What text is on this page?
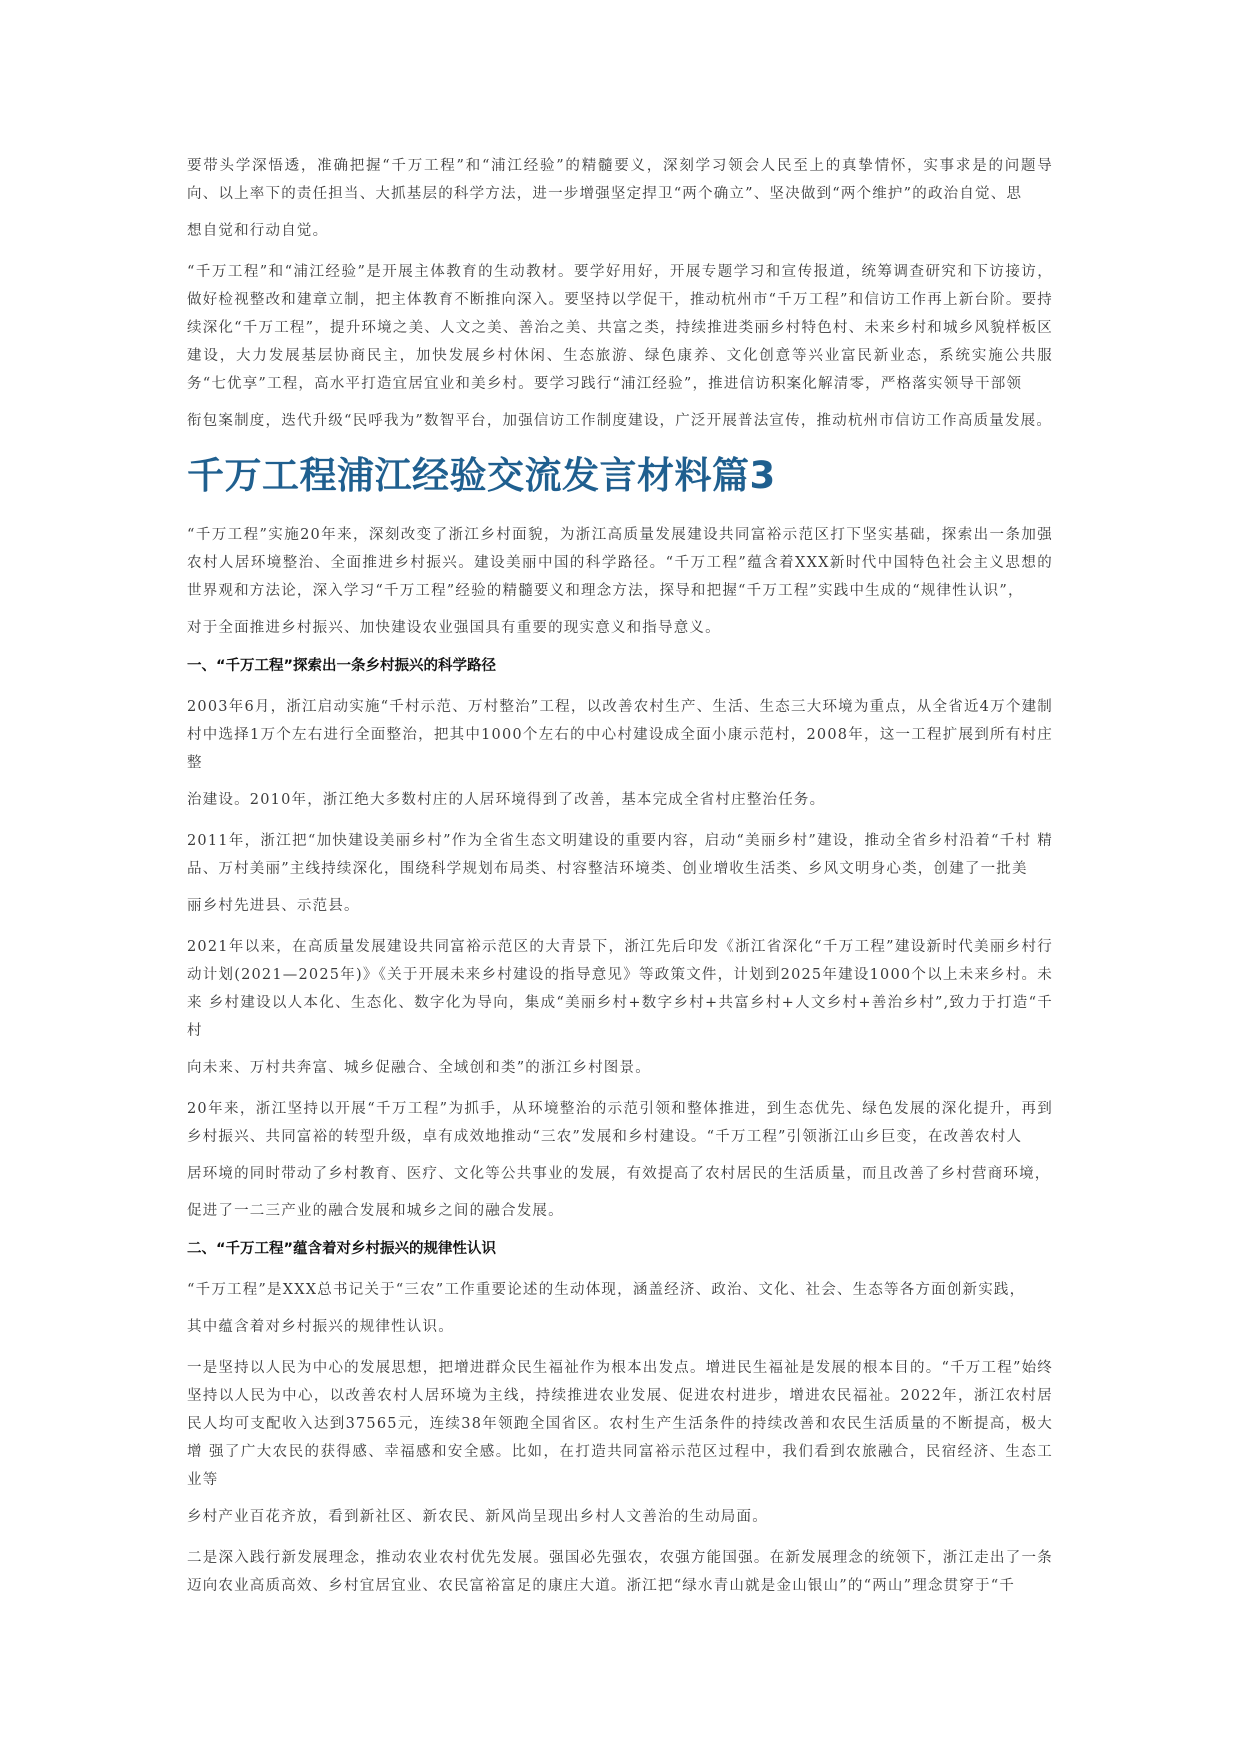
要带头学深悟透，准确把握“千万工程”和“浦江经验”的精髓要义，深刻学习领会人民至上的真挚情怀，实事求是的问题导向、以上率下的责任担当、大抓基层的科学方法，进一步增强坚定捍卫“两个确立”、坚决做到“两个维护”的政治自觉、思

想自觉和行动自觉。

“千万工程”和“浦江经验”是开展主体教育的生动教材。要学好用好，开展专题学习和宣传报道，统筹调查研究和下访接访，做好检视整改和建章立制，把主体教育不断推向深入。要坚持以学促干，推动杭州市“千万工程”和信访工作再上新台阶。要持续深化“千万工程”，提升环境之美、人文之美、善治之美、共富之类，持续推进类丽乡村特色村、未来乡村和城乡风貌样板区建设，大力发展基层协商民主，加快发展乡村休闲、生态旅游、绿色康养、文化创意等兴业富民新业态，系统实施公共服务“七优享”工程，高水平打造宜居宜业和美乡村。要学习践行“浦江经验”，推进信访积案化解清零，严格落实领导干部领

衔包案制度，迭代升级“民呼我为”数智平台，加强信访工作制度建设，广泛开展普法宣传，推动杭州市信访工作高质量发展。

千万工程浦江经验交流发言材料篇3

“千万工程”实施20年来，深刻改变了浙江乡村面貌，为浙江高质量发展建设共同富裕示范区打下坚实基础，探索出一条加强 农村人居环境整治、全面推进乡村振兴。建设美丽中国的科学路径。“千万工程”蕴含着XXX新时代中国特色社会主义思想的世界观和方法论，深入学习“千万工程”经验的精髓要义和理念方法，探导和把握“千万工程”实践中生成的“规律性认识”，

对于全面推进乡村振兴、加快建设农业强国具有重要的现实意义和指导意义。

一、“千万工程”探索出一条乡村振兴的科学路径

2003年6月，浙江启动实施“千村示范、万村整治”工程，以改善农村生产、生活、生态三大环境为重点，从全省近4万个建制 村中选择1万个左右进行全面整治，把其中1000个左右的中心村建设成全面小康示范村，2008年，这一工程扩展到所有村庄整

治建设。2010年，浙江绝大多数村庄的人居环境得到了改善，基本完成全省村庄整治任务。

2011年，浙江把“加快建设美丽乡村”作为全省生态文明建设的重要内容，启动“美丽乡村”建设，推动全省乡村沿着“千村 精品、万村美丽”主线持续深化，围绕科学规划布局类、村容整洁环境类、创业增收生活类、乡风文明身心类，创建了一批美

丽乡村先进县、示范县。

2021年以来，在高质量发展建设共同富裕示范区的大青景下，浙江先后印发《浙江省深化“千万工程”建设新时代美丽乡村行 动计划(2021—2025年)》《关于开展未来乡村建设的指导意见》等政策文件，计划到2025年建设1000个以上未来乡村。未来 乡村建设以人本化、生态化、数字化为导向，集成“美丽乡村+数字乡村+共富乡村+人文乡村+善治乡村”,致力于打造“千村

向未来、万村共奔富、城乡促融合、全域创和类”的浙江乡村图景。

20年来，浙江坚持以开展“千万工程”为抓手，从环境整治的示范引领和整体推进，到生态优先、绿色发展的深化提升，再到 乡村振兴、共同富裕的转型升级，卓有成效地推动“三农”发展和乡村建设。“千万工程”引领浙江山乡巨变，在改善农村人

居环境的同时带动了乡村教育、医疗、文化等公共事业的发展，有效提高了农村居民的生活质量，而且改善了乡村营商环境，

促进了一二三产业的融合发展和城乡之间的融合发展。

二、“千万工程”蕴含着对乡村振兴的规律性认识

“千万工程”是XXX总书记关于“三农”工作重要论述的生动体现，涵盖经济、政治、文化、社会、生态等各方面创新实践，

其中蕴含着对乡村振兴的规律性认识。

一是坚持以人民为中心的发展思想，把增进群众民生福祉作为根本出发点。增进民生福祉是发展的根本目的。“千万工程”始终坚持以人民为中心，以改善农村人居环境为主线，持续推进农业发展、促进农村进步，增进农民福祉。2022年，浙江农村居 民人均可支配收入达到37565元，连续38年领跑全国省区。农村生产生活条件的持续改善和农民生活质量的不断提高，极大增 强了广大农民的获得感、幸福感和安全感。比如，在打造共同富裕示范区过程中，我们看到农旅融合，民宿经济、生态工业等

乡村产业百花齐放，看到新社区、新农民、新风尚呈现出乡村人文善治的生动局面。

二是深入践行新发展理念，推动农业农村优先发展。强国必先强农，农强方能国强。在新发展理念的统领下，浙江走出了一条迈向农业高质高效、乡村宜居宜业、农民富裕富足的康庄大道。浙江把“绿水青山就是金山银山”的“两山”理念贯穿于“千
